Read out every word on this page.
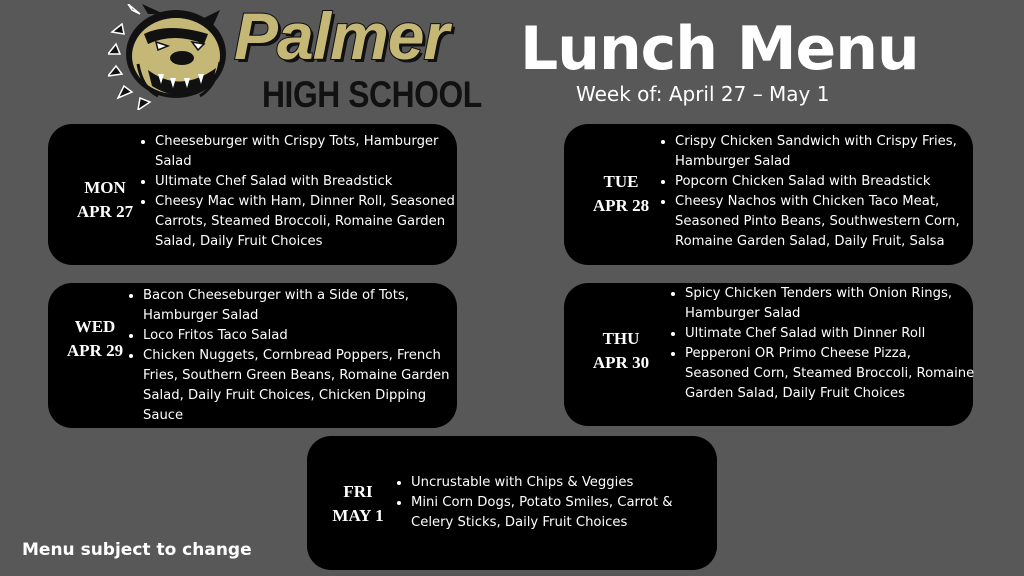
Palmer
HIGH SCHOOL
Lunch Menu
Week of: April 27 – May 1
MON
APR 27
• Cheeseburger with Crispy Tots, Hamburger Salad
• Ultimate Chef Salad with Breadstick
• Cheesy Mac with Ham, Dinner Roll, Seasoned Carrots, Steamed Broccoli, Romaine Garden Salad, Daily Fruit Choices
TUE
APR 28
• Crispy Chicken Sandwich with Crispy Fries, Hamburger Salad
• Popcorn Chicken Salad with Breadstick
• Cheesy Nachos with Chicken Taco Meat, Seasoned Pinto Beans, Southwestern Corn, Romaine Garden Salad, Daily Fruit, Salsa
WED
APR 29
• Bacon Cheeseburger with a Side of Tots, Hamburger Salad
• Loco Fritos Taco Salad
• Chicken Nuggets, Cornbread Poppers, French Fries, Southern Green Beans, Romaine Garden Salad, Daily Fruit Choices, Chicken Dipping Sauce
THU
APR 30
• Spicy Chicken Tenders with Onion Rings, Hamburger Salad
• Ultimate Chef Salad with Dinner Roll
• Pepperoni OR Primo Cheese Pizza, Seasoned Corn, Steamed Broccoli, Romaine Garden Salad, Daily Fruit Choices
FRI
MAY 1
• Uncrustable with Chips & Veggies
• Mini Corn Dogs, Potato Smiles, Carrot & Celery Sticks, Daily Fruit Choices
Menu subject to change
